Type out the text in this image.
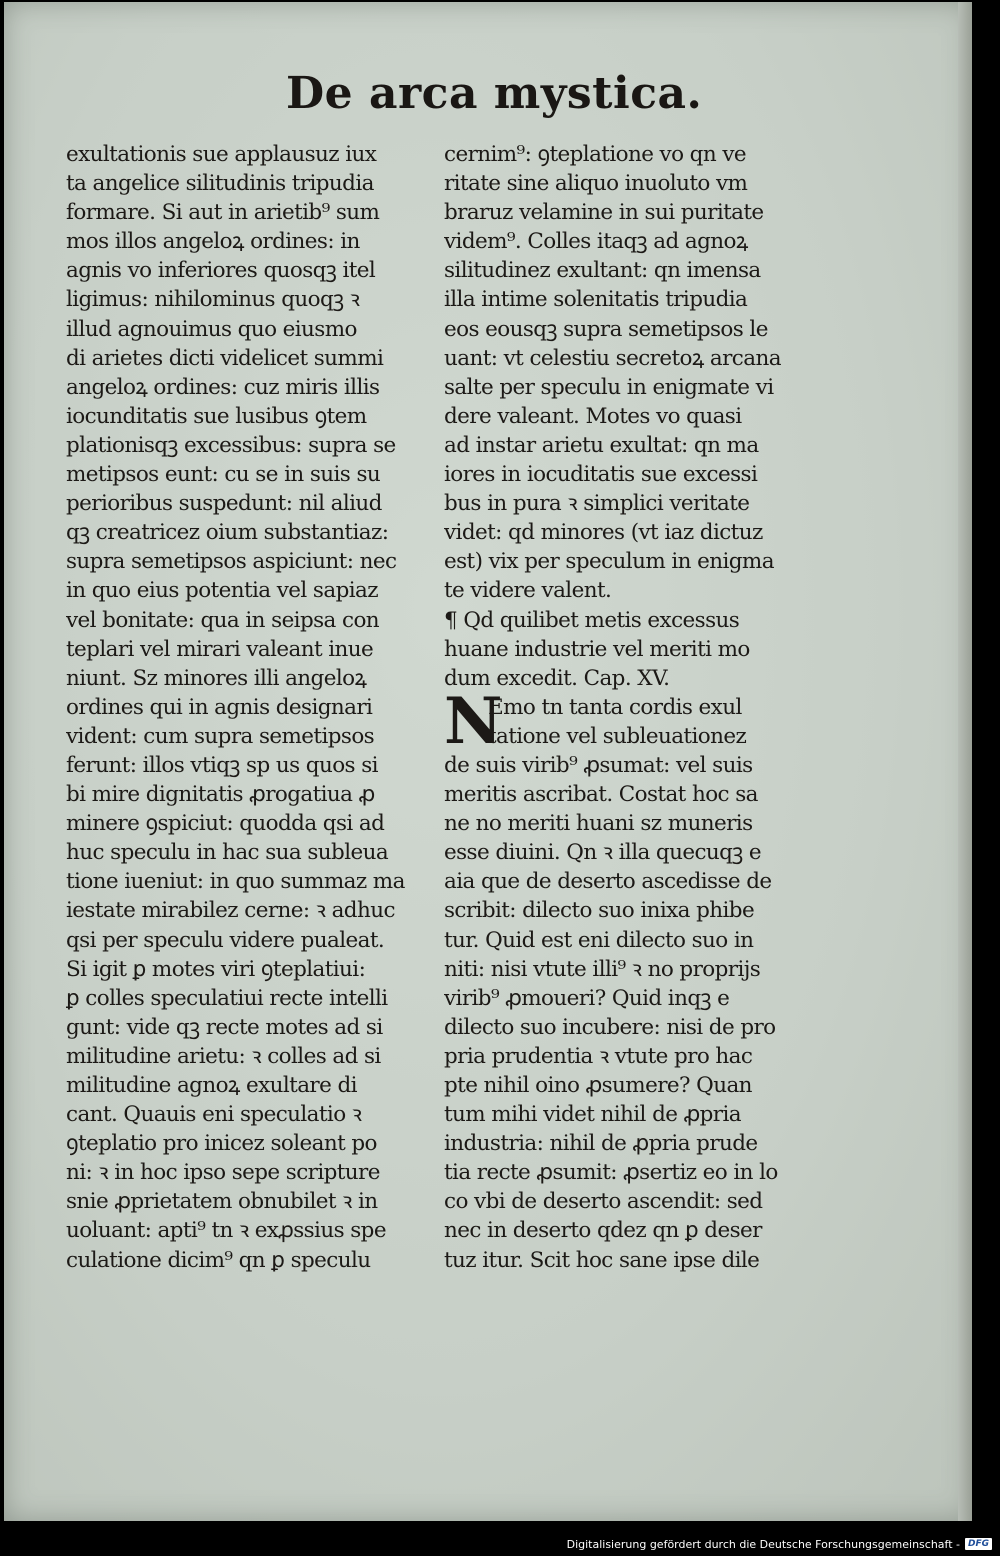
De arca mystica.
exultationis sue applausuz iux
ta angelice silitudinis tripudia
formare. Si aut in arietib⁹ sum
mos illos angeloꝝ ordines: in
agnis vo inferiores quosqꝫ itel
ligimus: nihilominus quoqꝫ ꝛ
illud agnouimus quo eiusmo
di arietes dicti videlicet summi
angeloꝝ ordines: cuz miris illis
iocunditatis sue lusibus ꝯtem
plationisqꝫ excessibus: supra se
metipsos eunt: cu se in suis su
perioribus suspedunt: nil aliud
qꝫ creatricez oium substantiaz:
supra semetipsos aspiciunt: nec
in quo eius potentia vel sapiaz
vel bonitate: qua in seipsa con
teplari vel mirari valeant inue
niunt. Sz minores illi angeloꝝ
ordines qui in agnis designari
vident: cum supra semetipsos
ferunt: illos vtiqꝫ sp us quos si
bi mire dignitatis ꝓrogatiua ꝓ
minere ꝯspiciut: quodda qsi ad
huc speculu in hac sua subleua
tione iueniut: in quo summaz ma
iestate mirabilez cerne: ꝛ adhuc
qsi per speculu videre pualeat.
Si igit ꝑ motes viri ꝯteplatiui:
ꝑ colles speculatiui recte intelli
gunt: vide qꝫ recte motes ad si
militudine arietu: ꝛ colles ad si
militudine agnoꝝ exultare di
cant. Quauis eni speculatio ꝛ
ꝯteplatio pro inicez soleant po
ni: ꝛ in hoc ipso sepe scripture
snie ꝓprietatem obnubilet ꝛ in
uoluant: apti⁹ tn ꝛ exꝓssius spe
culatione dicim⁹ qn ꝑ speculu
cernim⁹: ꝯteplatione vo qn ve
ritate sine aliquo inuoluto vm
braruz velamine in sui puritate
videm⁹. Colles itaqꝫ ad agnoꝝ
silitudinez exultant: qn imensa
illa intime solenitatis tripudia
eos eousqꝫ supra semetipsos le
uant: vt celestiu secretoꝝ arcana
salte per speculu in enigmate vi
dere valeant. Motes vo quasi
ad instar arietu exultat: qn ma
iores in iocuditatis sue excessi
bus in pura ꝛ simplici veritate
videt: qd minores (vt iaz dictuz
est) vix per speculum in enigma
te videre valent.
¶ Qd quilibet metis excessus
huane industrie vel meriti mo
dum excedit. Cap. XV.
Emo tn tanta cordis exul
tatione vel subleuationez
de suis virib⁹ ꝓsumat: vel suis
meritis ascribat. Costat hoc sa
ne no meriti huani sz muneris
esse diuini. Qn ꝛ illa quecuqꝫ e
aia que de deserto ascedisse de
scribit: dilecto suo inixa phibe
tur. Quid est eni dilecto suo in
niti: nisi vtute illi⁹ ꝛ no proprijs
virib⁹ ꝓmoueri? Quid inqꝫ e
dilecto suo incubere: nisi de pro
pria prudentia ꝛ vtute pro hac
pte nihil oino ꝓsumere? Quan
tum mihi videt nihil de ꝓpria
industria: nihil de ꝓpria prude
tia recte ꝓsumit: ꝓsertiz eo in lo
co vbi de deserto ascendit: sed
nec in deserto qdez qn ꝑ deser
tuz itur. Scit hoc sane ipse dile
N
Digitalisierung gefördert durch die Deutsche Forschungsgemeinschaft - DFG
